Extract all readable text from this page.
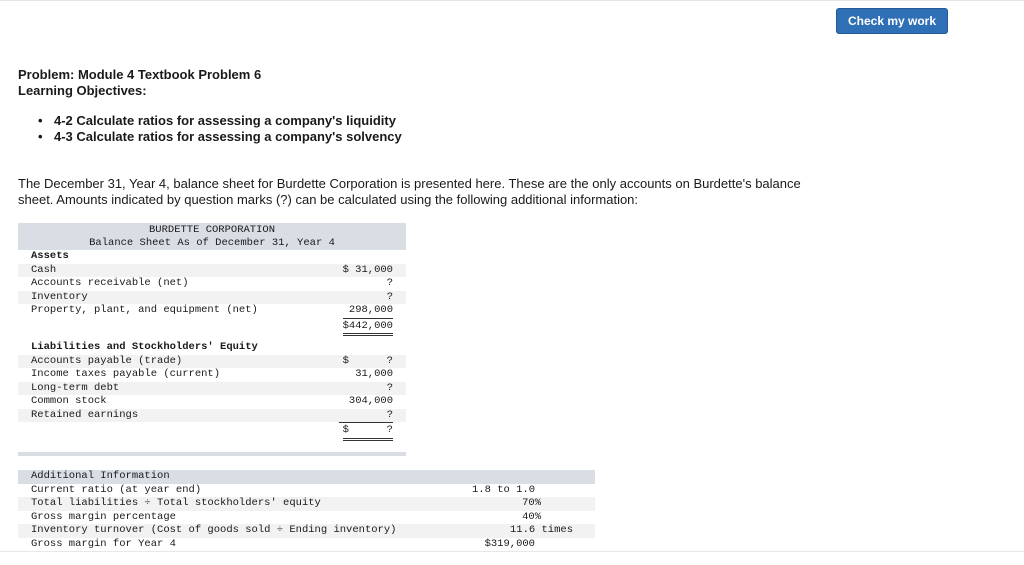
Check my work
Problem: Module 4 Textbook Problem 6
Learning Objectives:
• 4-2 Calculate ratios for assessing a company's liquidity
• 4-3 Calculate ratios for assessing a company's solvency
The December 31, Year 4, balance sheet for Burdette Corporation is presented here. These are the only accounts on Burdette's balance sheet. Amounts indicated by question marks (?) can be calculated using the following additional information:
BURDETTE CORPORATION
Balance Sheet As of December 31, Year 4
Assets
Cash	$ 31,000
Accounts receivable (net)	?
Inventory	?
Property, plant, and equipment (net)	298,000
$442,000
Liabilities and Stockholders' Equity
Accounts payable (trade)	$      ?
Income taxes payable (current)	31,000
Long-term debt	?
Common stock	304,000
Retained earnings	?
$      ?
Additional Information
Current ratio (at year end)	1.8 to 1.0
Total liabilities ÷ Total stockholders' equity	70%
Gross margin percentage	40%
Inventory turnover (Cost of goods sold ÷ Ending inventory)	11.6 times
Gross margin for Year 4	$319,000
